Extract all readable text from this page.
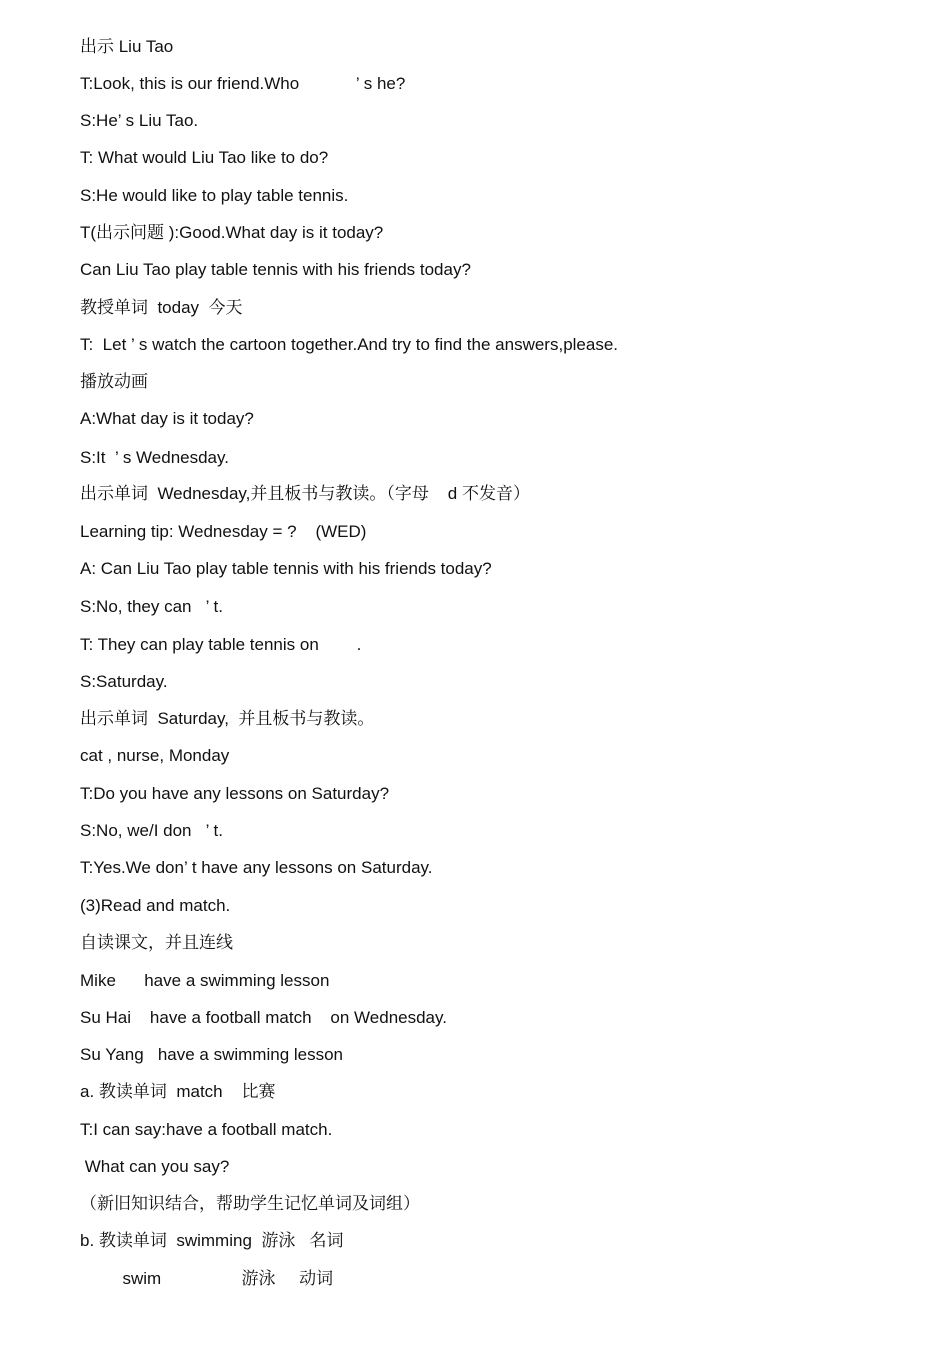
出示 Liu Tao
T:Look, this is our friend.Who            ’ s he?
S:He’ s Liu Tao.
T: What would Liu Tao like to do?
S:He would like to play table tennis.
T(出示问题 ):Good.What day is it today?
Can Liu Tao play table tennis with his friends today?
教授单词  today  今天
T:  Let ’ s watch the cartoon together.And try to find the answers,please.
播放动画
A:What day is it today?
S:It  ’ s Wednesday.
出示单词  Wednesday,并且板书与教读。（字母    d 不发音）
Learning tip: Wednesday = ?    (WED)
A: Can Liu Tao play table tennis with his friends today?
S:No, they can   ’ t.
T: They can play table tennis on        .
S:Saturday.
出示单词  Saturday,  并且板书与教读。
cat , nurse, Monday
T:Do you have any lessons on Saturday?
S:No, we/I don   ’ t.
T:Yes.We don’ t have any lessons on Saturday.
(3)Read and match.
自读课文，并且连线
Mike      have a swimming lesson
Su Hai    have a football match    on Wednesday.
Su Yang   have a swimming lesson
a. 教读单词  match    比赛
T:I can say:have a football match.
What can you say?
（新旧知识结合，帮助学生记忆单词及词组）
b. 教读单词  swimming  游泳   名词
swim                 游泳     动词
